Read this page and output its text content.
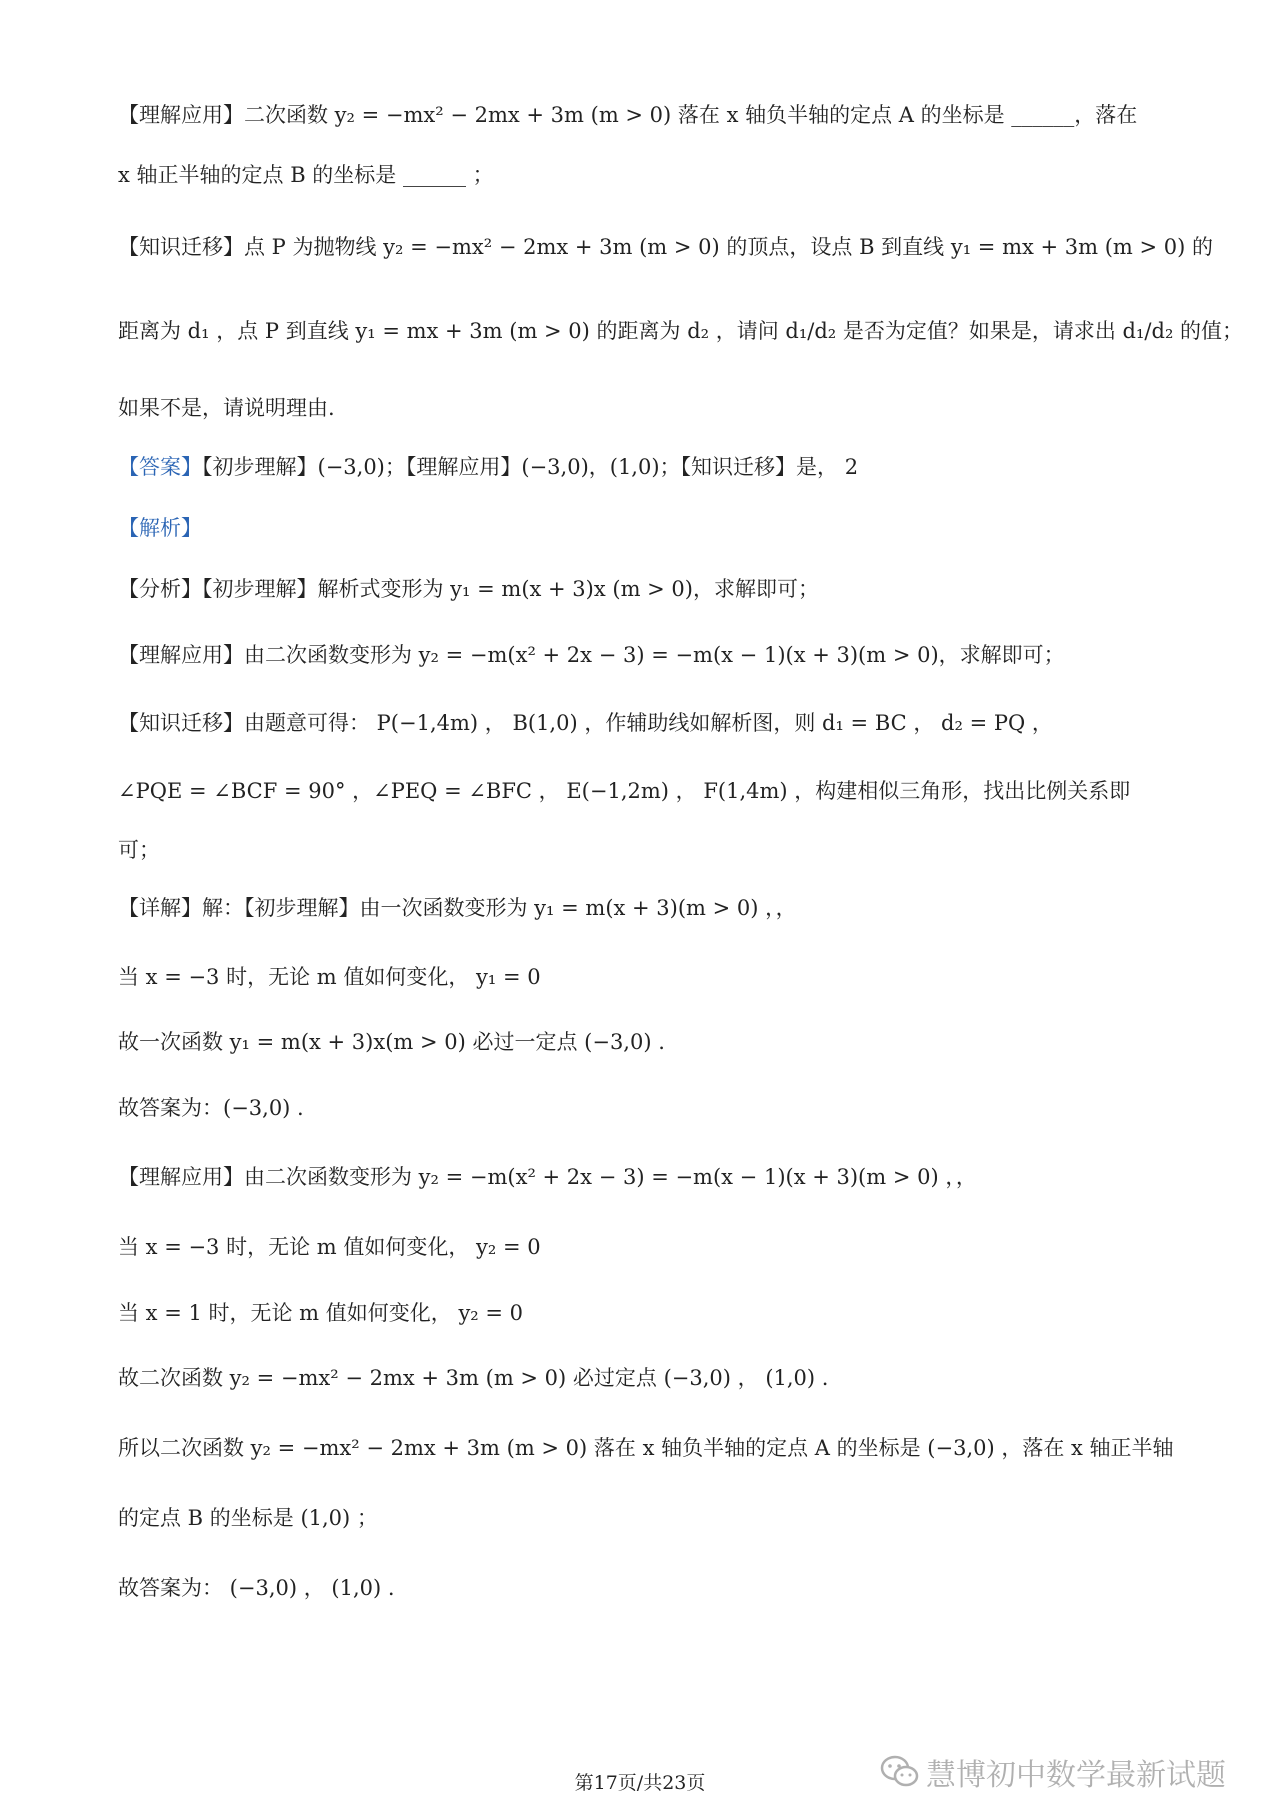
【理解应用】二次函数 y₂ = −mx² − 2mx + 3m (m > 0) 落在 x 轴负半轴的定点 A 的坐标是 ______，落在
x 轴正半轴的定点 B 的坐标是 ______ ；
【知识迁移】点 P 为抛物线 y₂ = −mx² − 2mx + 3m (m > 0) 的顶点，设点 B 到直线 y₁ = mx + 3m (m > 0) 的
距离为 d₁ ，点 P 到直线 y₁ = mx + 3m (m > 0) 的距离为 d₂ ，请问 d₁/d₂ 是否为定值？如果是，请求出 d₁/d₂ 的值；
如果不是，请说明理由.
【答案】【初步理解】(−3,0)；【理解应用】(−3,0)，(1,0)；【知识迁移】是， 2
【解析】
【分析】【初步理解】解析式变形为 y₁ = m(x + 3)x (m > 0)，求解即可；
【理解应用】由二次函数变形为 y₂ = −m(x² + 2x − 3) = −m(x − 1)(x + 3)(m > 0)，求解即可；
【知识迁移】由题意可得： P(−1,4m) ， B(1,0) ，作辅助线如解析图，则 d₁ = BC ， d₂ = PQ ，
∠PQE = ∠BCF = 90° ，∠PEQ = ∠BFC ， E(−1,2m) ， F(1,4m) ，构建相似三角形，找出比例关系即
可；
【详解】解：【初步理解】由一次函数变形为 y₁ = m(x + 3)(m > 0) ，，
当 x = −3 时，无论 m 值如何变化， y₁ = 0
故一次函数 y₁ = m(x + 3)x(m > 0) 必过一定点 (−3,0) .
故答案为：(−3,0) .
【理解应用】由二次函数变形为 y₂ = −m(x² + 2x − 3) = −m(x − 1)(x + 3)(m > 0) ，，
当 x = −3 时，无论 m 值如何变化， y₂ = 0
当 x = 1 时，无论 m 值如何变化， y₂ = 0
故二次函数 y₂ = −mx² − 2mx + 3m (m > 0) 必过定点 (−3,0) ， (1,0) .
所以二次函数 y₂ = −mx² − 2mx + 3m (m > 0) 落在 x 轴负半轴的定点 A 的坐标是 (−3,0) ，落在 x 轴正半轴
的定点 B 的坐标是 (1,0) ；
故答案为： (−3,0) ， (1,0) .
慧博初中数学最新试题
第17页/共23页
